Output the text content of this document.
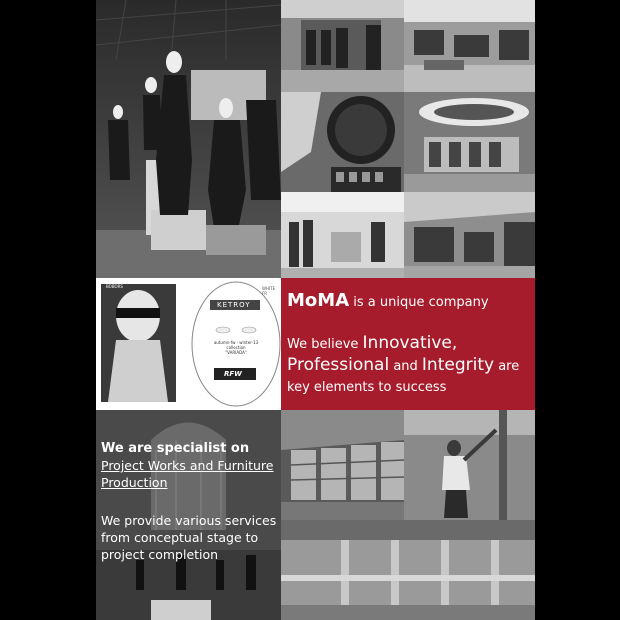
KETROY
BOBORS	WHITE FR
autumn-fw · winter-13
collection
"VARIADA"
RFW
MoMA is a unique company
We believe Innovative,
Professional and Integrity are
key elements to success
We are specialist on
Project Works and Furniture
Production
We provide various services
from conceptual stage to
project completion
